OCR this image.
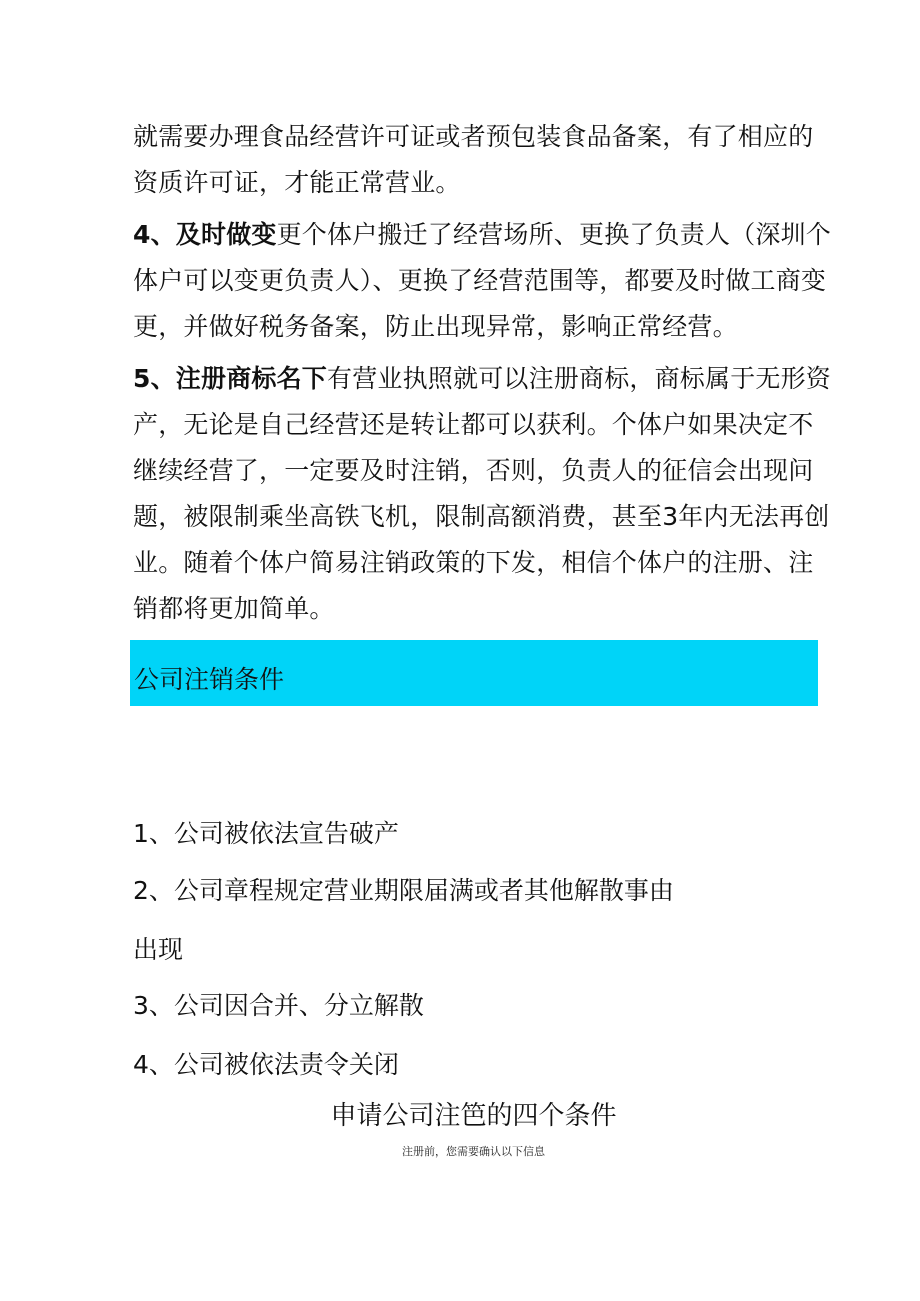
就需要办理食品经营许可证或者预包装食品备案，有了相应的资质许可证，才能正常营业。

4、及时做变更个体户搬迁了经营场所、更换了负责人（深圳个体户可以变更负责人）、更换了经营范围等，都要及时做工商变更，并做好税务备案，防止出现异常，影响正常经营。

5、注册商标名下有营业执照就可以注册商标，商标属于无形资产，无论是自己经营还是转让都可以获利。个体户如果决定不继续经营了，一定要及时注销，否则，负责人的征信会出现问题，被限制乘坐高铁飞机，限制高额消费，甚至3年内无法再创业。随着个体户简易注销政策的下发，相信个体户的注册、注销都将更加简单。

公司注销条件

1、公司被依法宣告破产

2、公司章程规定营业期限届满或者其他解散事由

出现

3、公司因合并、分立解散

4、公司被依法责令关闭

申请公司注笆的四个条件

注册前，您需要确认以下信息
